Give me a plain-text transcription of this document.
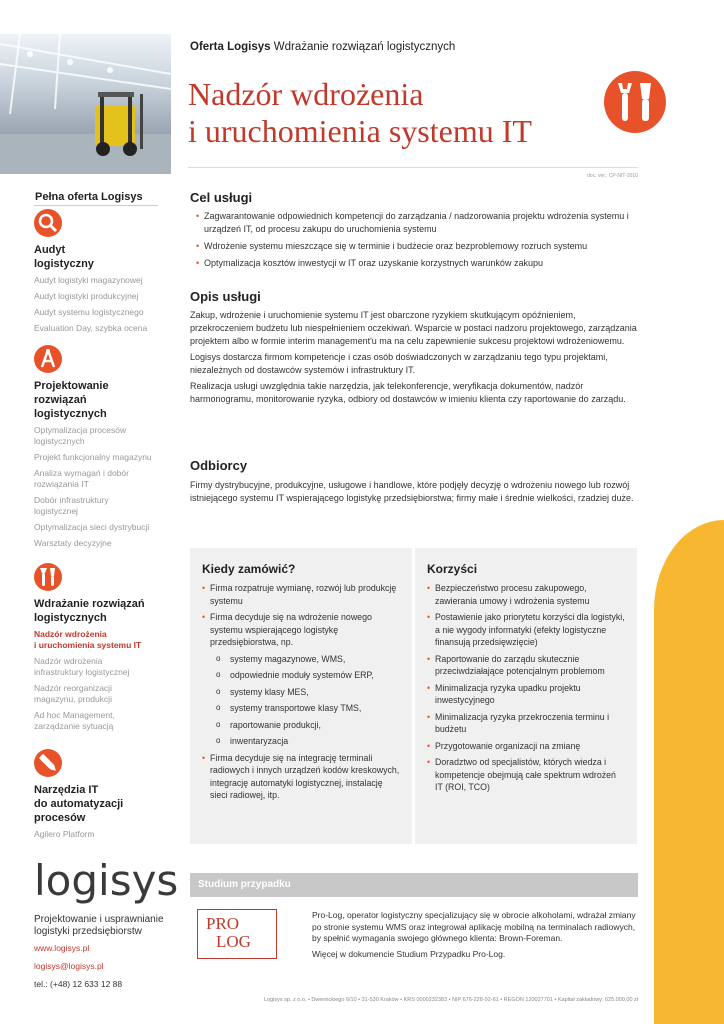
Oferta Logisys Wdrażanie rozwiązań logistycznych
Nadzór wdrożenia
i uruchomienia systemu IT
doc. ver.: CP-NIT-2010
Pełna oferta Logisys
Audyt
logistyczny
Audyt logistyki magazynowej
Audyt logistyki produkcyjnej
Audyt systemu logistycznego
Evaluation Day, szybka ocena
Projektowanie
rozwiązań
logistycznych
Optymalizacja procesów
logistycznych
Projekt funkcjonalny magazynu
Analiza wymagań i dobór
rozwiązania IT
Dobór infrastruktury
logistycznej
Optymalizacja sieci dystrybucji
Warsztaty decyzyjne
Wdrażanie rozwiązań
logistycznych
Nadzór wdrożenia
i uruchomienia systemu IT
Nadzór wdrożenia
infrastruktury logistycznej
Nadzór reorganizacji
magazynu, produkcji
Ad hoc Management,
zarządzanie sytuacją
Narzędzia IT
do automatyzacji
procesów
Agilero Platform
logisys
Projektowanie i usprawnianie logistyki przedsiębiorstw
www.logisys.pl
logisys@logisys.pl
tel.: (+48) 12 633 12 88
Cel usługi
• Zagwarantowanie odpowiednich kompetencji do zarządzania / nadzorowania projektu wdrożenia systemu i urządzeń IT, od procesu zakupu do uruchomienia systemu
• Wdrożenie systemu mieszczące się w terminie i budżecie oraz bezproblemowy rozruch systemu
• Optymalizacja kosztów inwestycji w IT oraz uzyskanie korzystnych warunków zakupu
Opis usługi

Zakup, wdrożenie i uruchomienie systemu IT jest obarczone ryzykiem skutkującym opóźnieniem, przekroczeniem budżetu lub niespełnieniem oczekiwań. Wsparcie w postaci nadzoru projektowego, zarządzania projektem albo w formie interim management'u ma na celu zapewnienie sukcesu projektowi wdrożeniowemu.

Logisys dostarcza firmom kompetencje i czas osób doświadczonych w zarządzaniu tego typu projektami, niezależnych od dostawców systemów i infrastruktury IT.

Realizacja usługi uwzględnia takie narzędzia, jak telekonferencje, weryfikacja dokumentów, nadzór harmonogramu, monitorowanie ryzyka, odbiory od dostawców w imieniu klienta czy raportowanie do zarządu.

Odbiorcy
Firmy dystrybucyjne, produkcyjne, usługowe i handlowe, które podjęły decyzję o wdrożeniu nowego lub rozwój istniejącego systemu IT wspierającego logistykę przedsiębiorstwa; firmy małe i średnie wielkości, rzadziej duże.
Kiedy zamówić?
• Firma rozpatruje wymianę, rozwój lub produkcję systemu
• Firma decyduje się na wdrożenie nowego systemu wspierającego logistykę przedsiębiorstwa, np.
o systemy magazynowe, WMS,
o odpowiednie moduły systemów ERP,
o systemy klasy MES,
o systemy transportowe klasy TMS,
o raportowanie produkcji,
o inwentaryzacja
• Firma decyduje się na integrację terminali radiowych i innych urządzeń kodów kreskowych, integrację automatyki logistycznej, instalację sieci radiowej, itp.
Korzyści
• Bezpieczeństwo procesu zakupowego, zawierania umowy i wdrożenia systemu
• Postawienie jako priorytetu korzyści dla logistyki, a nie wygody informatyki (efekty logistyczne finansują przedsięwzięcie)
• Raportowanie do zarządu skutecznie przeciwdziałające potencjalnym problemom
• Minimalizacja ryzyka upadku projektu inwestycyjnego
• Minimalizacja ryzyka przekroczenia terminu i budżetu
• Przygotowanie organizacji na zmianę
• Doradztwo od specjalistów, których wiedza i kompetencje obejmują całe spektrum wdrożeń IT (ROI, TCO)
Studium przypadku
PRO
LOG

Pro-Log, operator logistyczny specjalizujący się w obrocie alkoholami, wdrażał zmiany po stronie systemu WMS oraz integrował aplikację mobilną na terminalach radiowych, by spełnić wymagania swojego głównego klienta: Brown-Foreman.

Więcej w dokumencie Studium Przypadku Pro-Log.

Logisys sp. z o.o. • Dwernickiego 6/10 • 31-530 Kraków • KRS 0000232383 • NIP 676-228-92-61 • REGON 120027701 • Kapitał zakładowy: 625.000,00 zł
